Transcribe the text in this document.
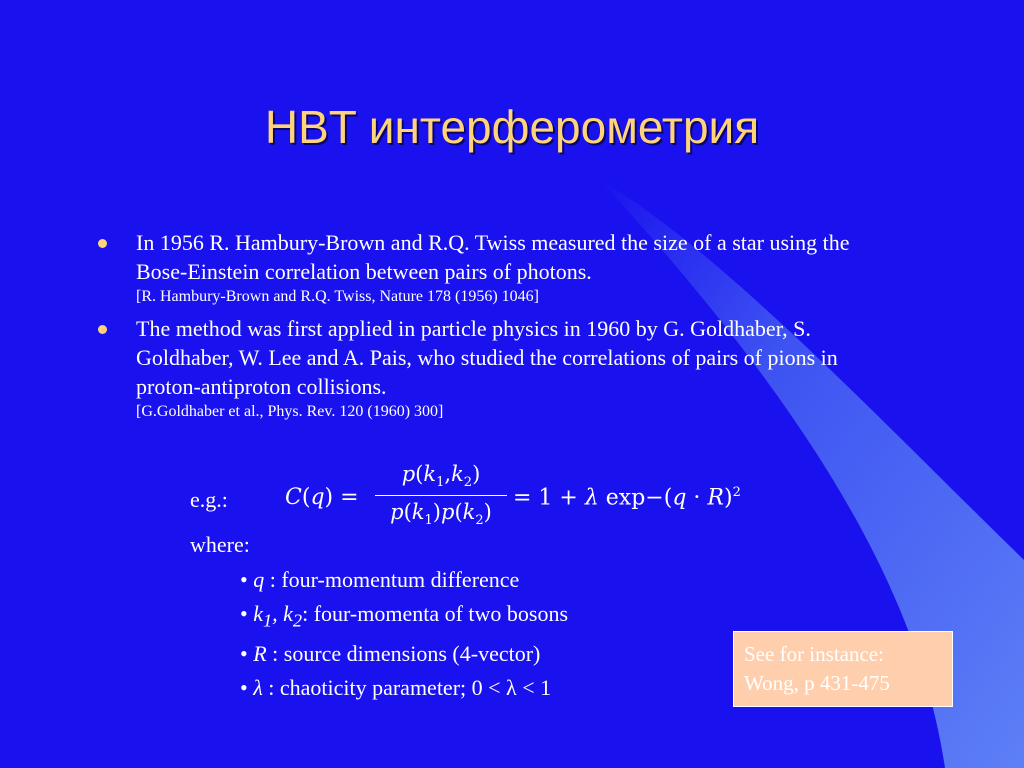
HBT интерферометрия
In 1956 R. Hambury-Brown and R.Q. Twiss measured the size of a star using the Bose-Einstein correlation between pairs of photons.
[R. Hambury-Brown and R.Q. Twiss, Nature 178 (1956) 1046]
The method was first applied in particle physics in 1960 by G. Goldhaber, S. Goldhaber, W. Lee and A. Pais, who studied the correlations of pairs of pions in proton-antiproton collisions.
[G.Goldhaber et al., Phys. Rev. 120 (1960) 300]
e.g.:	C(q) =
$p(k_1,k_2)$
$p(k_1)p(k_2)$
= 1 + λ $\exp-(q \cdot R)^2$
where:
• q : four-momentum difference
• $k_1$, $k_2$: four-momenta of two bosons
• R : source dimensions (4-vector)
• λ : chaoticity parameter; 0 < λ < 1
See for instance:
Wong, p 431-475
